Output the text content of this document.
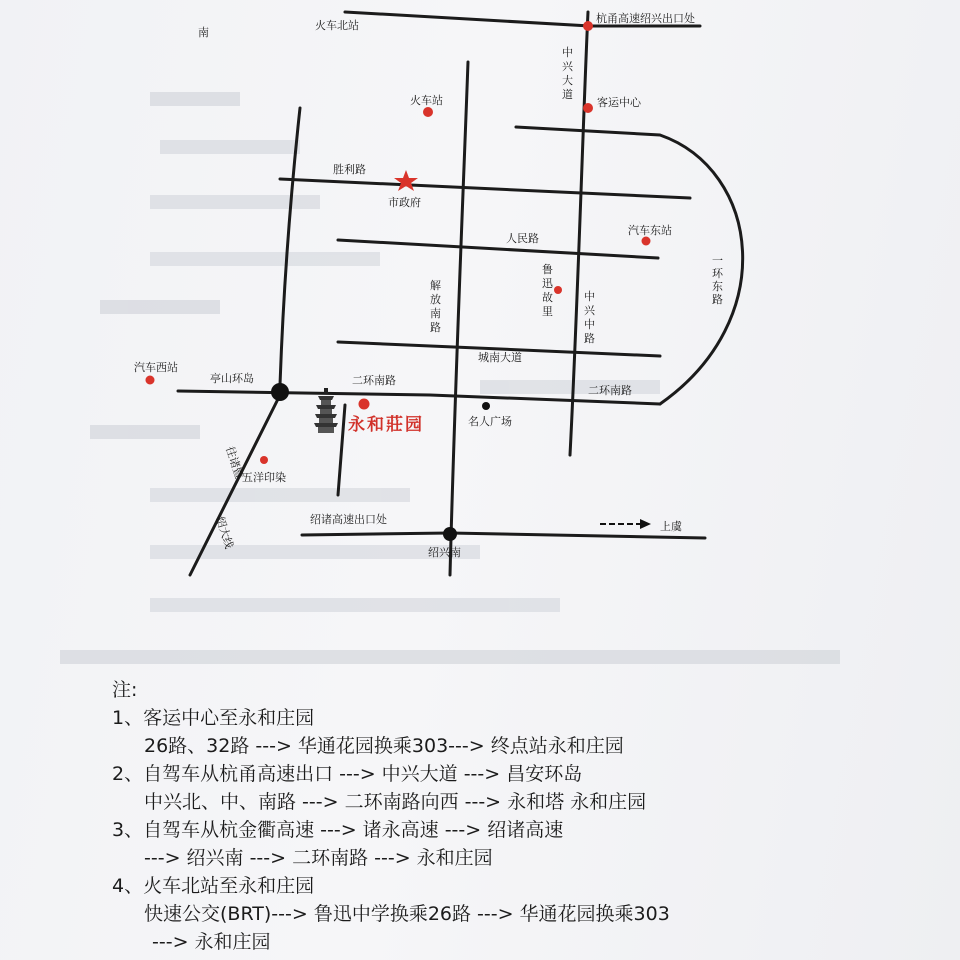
南
火车北站
杭甬高速绍兴出口处
客运中心
火车站
胜利路
市政府
汽车东站
人民路
城南大道
汽车西站
亭山环岛	二环南路
二环南路
永和莊园	名人广场
五洋印染
绍诸高速出口处
绍兴南
上虞
中兴大道
一环东路
鲁迅故里
解放南路
中兴中路
往诸暨
绍大线
注:
1、客运中心至永和庄园
26路、32路 ---> 华通花园换乘303---> 终点站永和庄园
2、自驾车从杭甬高速出口 ---> 中兴大道 ---> 昌安环岛
中兴北、中、南路 ---> 二环南路向西 ---> 永和塔 永和庄园
3、自驾车从杭金衢高速 ---> 诸永高速 ---> 绍诸高速
---> 绍兴南 ---> 二环南路 ---> 永和庄园
4、火车北站至永和庄园
快速公交(BRT)---> 鲁迅中学换乘26路 ---> 华通花园换乘303
---> 永和庄园
